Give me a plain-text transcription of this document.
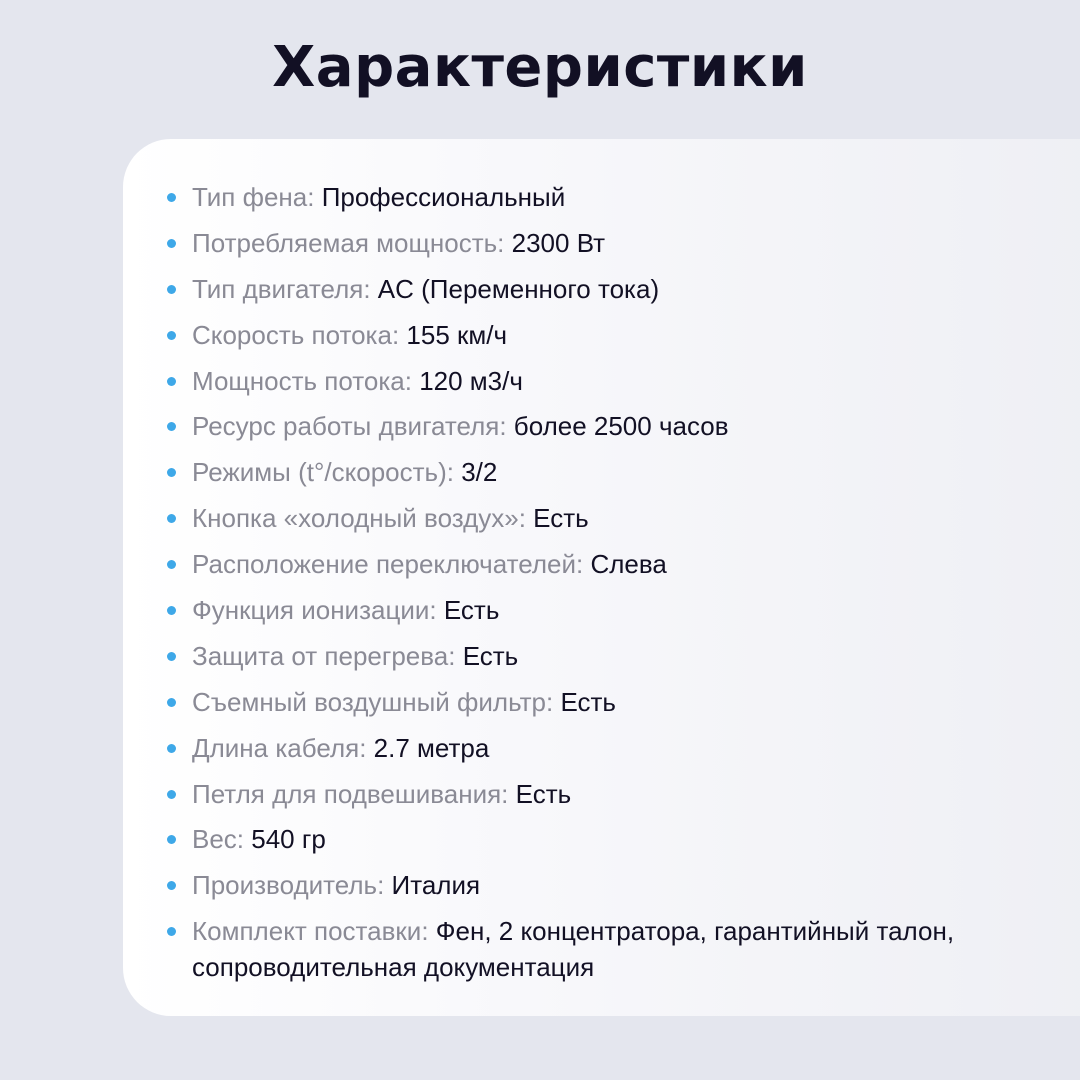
Характеристики
Тип фена: Профессиональный
Потребляемая мощность: 2300 Вт
Тип двигателя: AC (Переменного тока)
Скорость потока: 155 км/ч
Мощность потока: 120 м3/ч
Ресурс работы двигателя: более 2500 часов
Режимы (t°/скорость): 3/2
Кнопка «холодный воздух»: Есть
Расположение переключателей: Слева
Функция ионизации: Есть
Защита от перегрева: Есть
Съемный воздушный фильтр: Есть
Длина кабеля: 2.7 метра
Петля для подвешивания: Есть
Вес: 540 гр
Производитель: Италия
Комплект поставки: Фен, 2 концентратора, гарантийный талон, сопроводительная документация
